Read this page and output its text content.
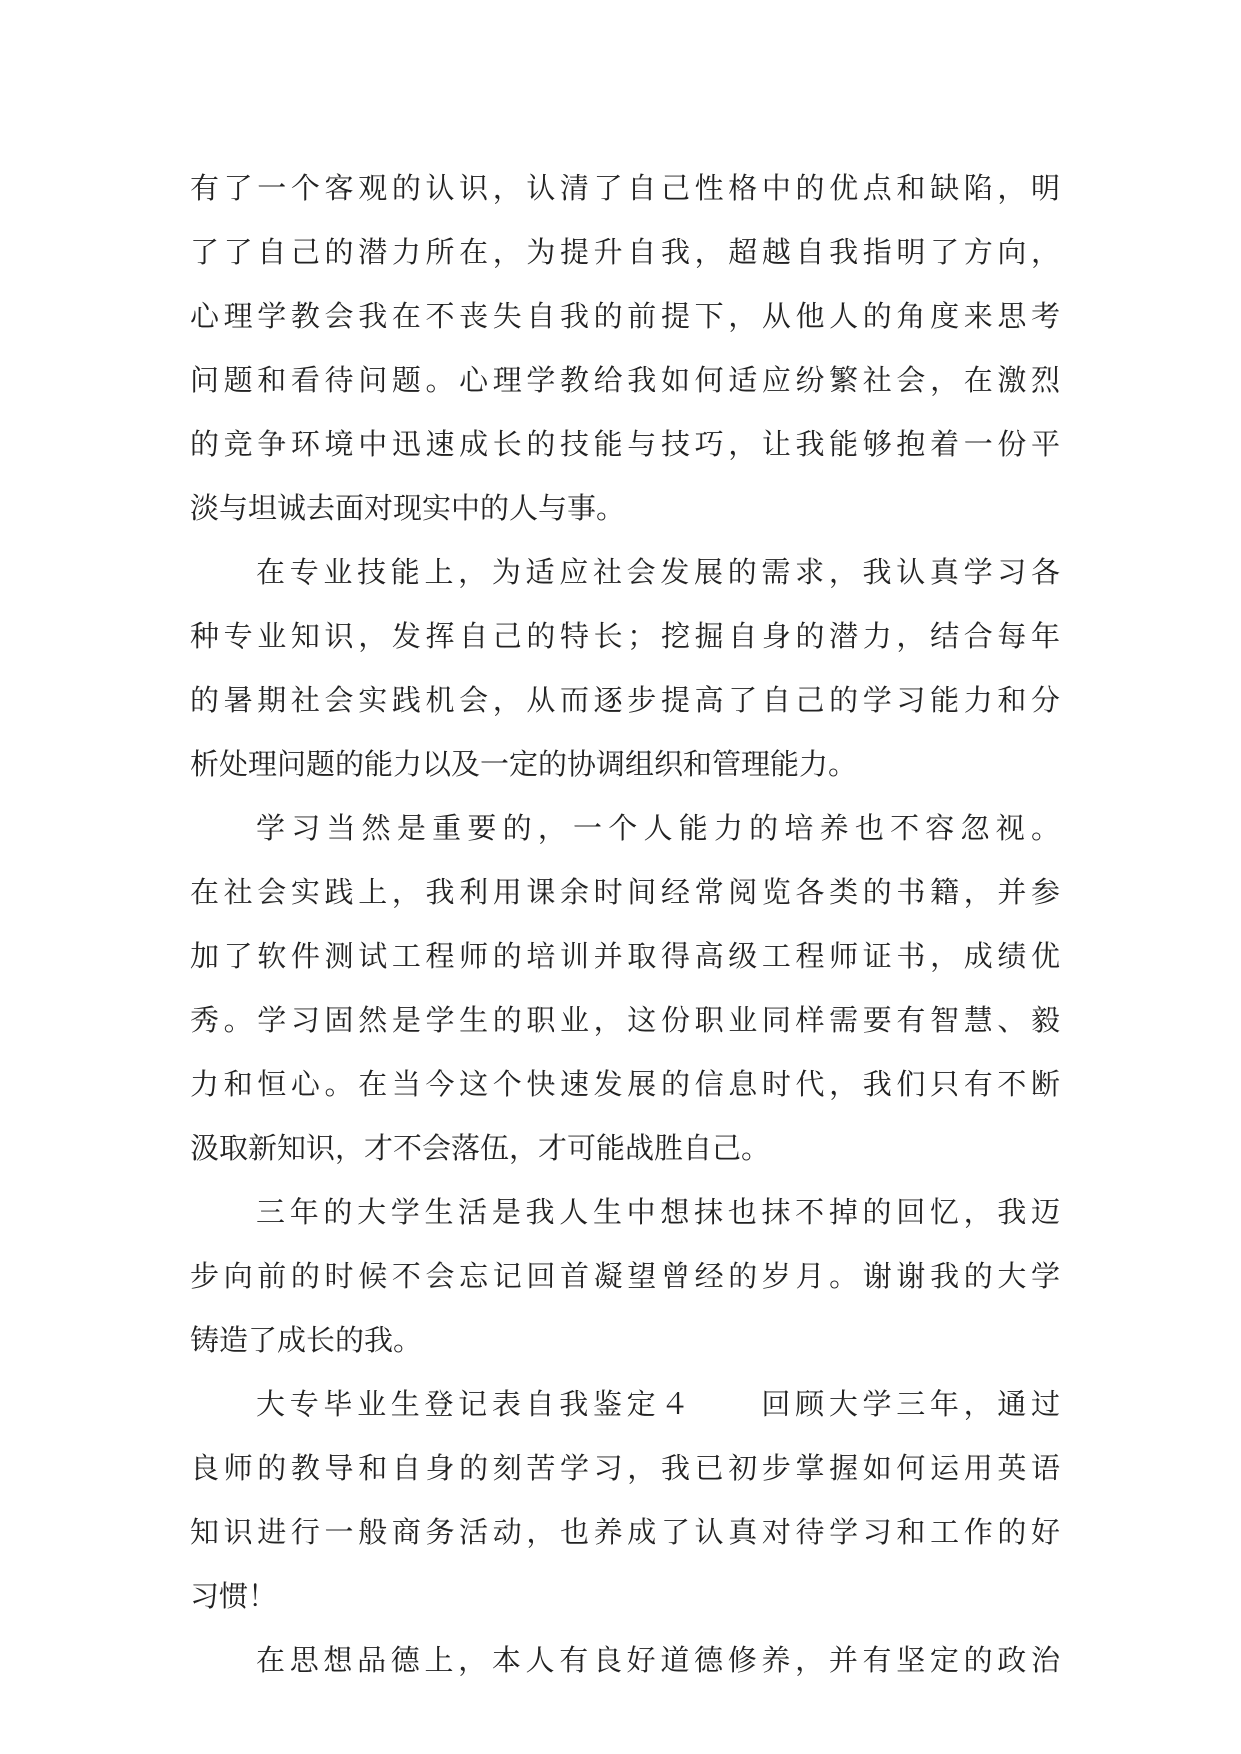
有了一个客观的认识，认清了自己性格中的优点和缺陷，明
了了自己的潜力所在，为提升自我，超越自我指明了方向，
心理学教会我在不丧失自我的前提下，从他人的角度来思考
问题和看待问题。心理学教给我如何适应纷繁社会，在激烈
的竞争环境中迅速成长的技能与技巧，让我能够抱着一份平
淡与坦诚去面对现实中的人与事。
在专业技能上，为适应社会发展的需求，我认真学习各
种专业知识，发挥自己的特长；挖掘自身的潜力，结合每年
的暑期社会实践机会，从而逐步提高了自己的学习能力和分
析处理问题的能力以及一定的协调组织和管理能力。
学习当然是重要的，一个人能力的培养也不容忽视。
在社会实践上，我利用课余时间经常阅览各类的书籍，并参
加了软件测试工程师的培训并取得高级工程师证书，成绩优
秀。学习固然是学生的职业，这份职业同样需要有智慧、毅
力和恒心。在当今这个快速发展的信息时代，我们只有不断
汲取新知识，才不会落伍，才可能战胜自己。
三年的大学生活是我人生中想抹也抹不掉的回忆，我迈
步向前的时候不会忘记回首凝望曾经的岁月。谢谢我的大学
铸造了成长的我。
大专毕业生登记表自我鉴定４　　回顾大学三年，通过
良师的教导和自身的刻苦学习，我已初步掌握如何运用英语
知识进行一般商务活动，也养成了认真对待学习和工作的好
习惯！
在思想品德上，本人有良好道德修养，并有坚定的政治
